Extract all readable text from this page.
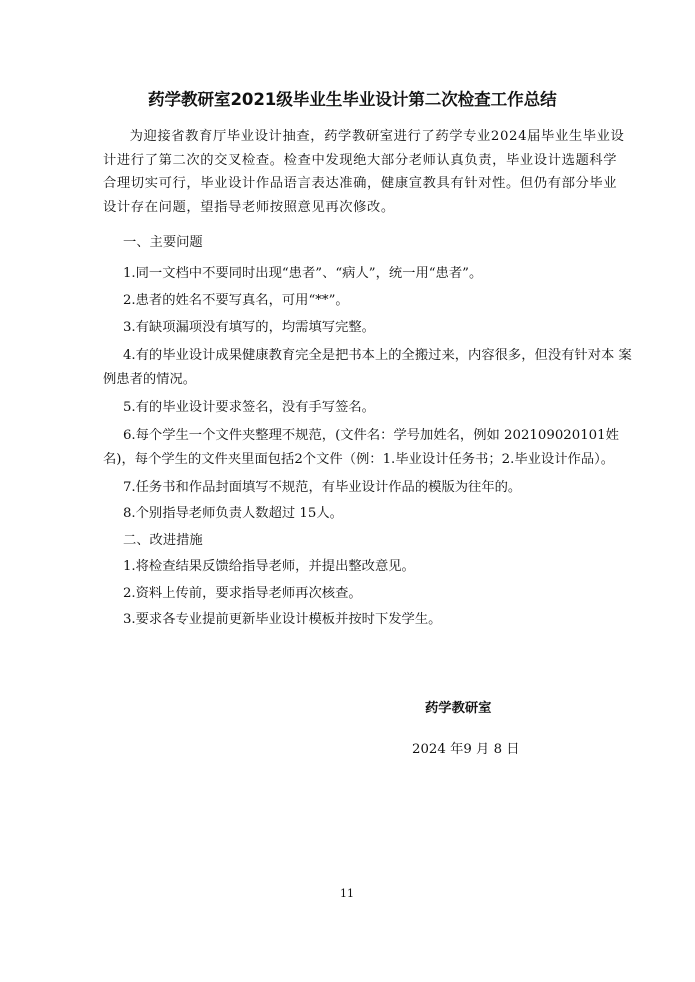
药学教研室2021级毕业生毕业设计第二次检查工作总结
为迎接省教育厅毕业设计抽查，药学教研室进行了药学专业2024届毕业生毕业设计进行了第二次的交叉检查。检查中发现绝大部分老师认真负责，毕业设计选题科学合理切实可行，毕业设计作品语言表达准确，健康宣教具有针对性。但仍有部分毕业设计存在问题，望指导老师按照意见再次修改。
一、主要问题
1.同一文档中不要同时出现“患者”、“病人”，统一用“患者”。
2.患者的姓名不要写真名，可用“**”。
3.有缺项漏项没有填写的，均需填写完整。
4.有的毕业设计成果健康教育完全是把书本上的全搬过来，内容很多，但没有针对本 案例患者的情况。
5.有的毕业设计要求签名，没有手写签名。
6.每个学生一个文件夹整理不规范，(文件名：学号加姓名，例如 202109020101姓名)，每个学生的文件夹里面包括2个文件（例：1.毕业设计任务书；2.毕业设计作品）。
7.任务书和作品封面填写不规范，有毕业设计作品的模版为往年的。
8.个别指导老师负责人数超过 15人。
二、改进措施
1.将检查结果反馈给指导老师，并提出整改意见。
2.资料上传前，要求指导老师再次核查。
3.要求各专业提前更新毕业设计模板并按时下发学生。
药学教研室
2024 年9 月 8 日
11
